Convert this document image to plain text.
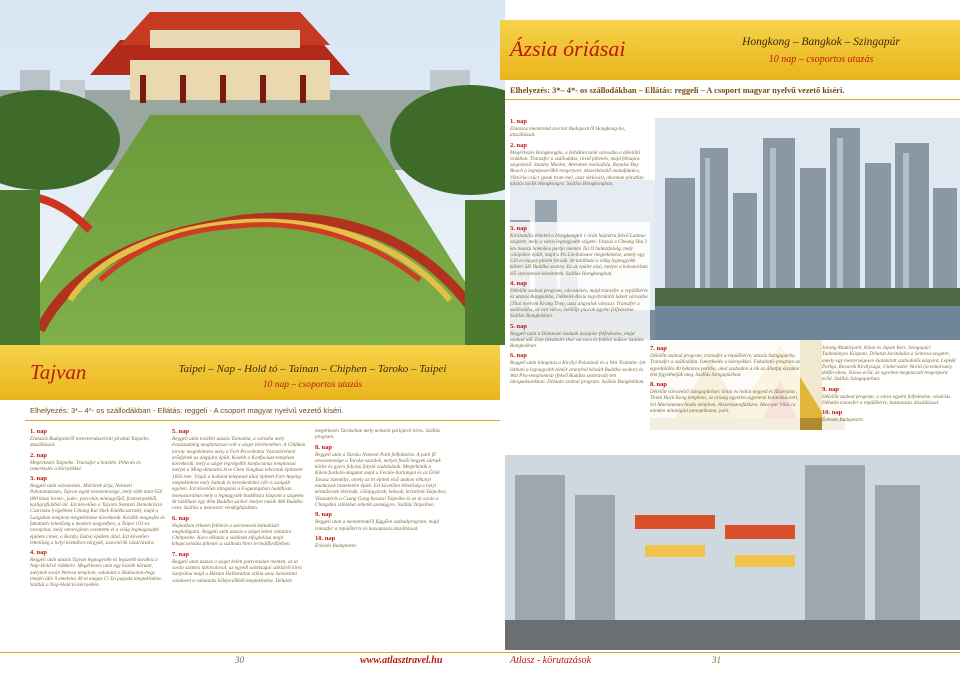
Ázsia óriásai	Hongkong – Bangkok – Szingapúr
10 nap – csoportos utazás
Elhelyezés: 3*– 4*- os szállodákban – Ellátás: reggeli – A csoport magyar nyelvű vezető kíséri.
Tajvan	Taipei – Nap - Hold tó – Tainan – Chiphen – Taroko – Taipei
10 nap – csoportos utazás
Elhelyezés: 3*– 4*- os szállodákban - Ellátás: reggeli - A csoport magyar nyelvű vezető kíséri.
1. nap
Elutazás menetrend szerinti Budapestről Hongkong-ba, átszállással.
2. nap
Megérkezés Hongkongba, a felhőkarcolók városába a délelőtti órákban. Transzfer a szállodába, rövid pihenés, majd félnapos szigetnéző. Stanley Market, Aberdeen halászfalu, Repulse Bay Beach a legnépszerűbb tengerpart, ékszerkészítő manufaktúra, Viktória-csúcs (peak tram-mel, azaz siklóval), ahonnan páratlan kilátás nyílik Hongkongra. Szállás Hongkongban.
3. nap
Kirándulás érkeléd a Hongkongtól 1 órán hajóútra fekvő Lantau-szigetre, mely a város legnagyobb szigete. Utazás a Cheung Sha 2 km hosszú homokos partja mentén Tai O halászfaluig, mely cölöpökre épült, majd a Po Lin-kolostor megtekintése, amely egy 520 m magas platón fekszik. Itt található a világ legnagyobb kültéri ülő Buddha szobra. Ez az épület alsó, melyet a kolostorban élő szerzetesek készítettek. Szállás Hongkongban.
4. nap
Délelőtt szabad program, városnézés, majd transzfer a repülőtérre és utazás Bangkokba, Délkelet-Ázsia legvibrálóbb lakott városába. (Thai nyelven Krung Thep, azaz angyalok városa). Transzfer a szállodába, az esti város, ízelítője piacok egyéni felfedezése. Szállás Bangkokban.
5. nap
Reggeli után a Damnoen Saduak úszópiac felfedezése, majd szabad idő. Este fakultatív thai vacsora és folklór műsor. Szállás Bangkokban.
6. nap
Reggeli után látogatás a Királyi Palotánál és a Wat Traimitn- (itt látható a legnagyobb tömör aranyból készült Buddha szobor) és Wat Pho-templomnál (fekvő Buddha szobrával) tett látogatásunkban. Délután szabad program. Szállás Bangkokban.
7. nap
Délelőtt szabad program, transzfer a repülőtérre, utazás Szingapúrba. Transzfer a szállodába. Ismerkedés a környékkel. Fakultatív program az egyedülálló 40 hektáros parkba, ahol szabadon ú zik az állatfaj éjszakai élet figyelhetjük meg. Szállás Szingapúrban.
8. nap
Délelőtt városnéző Szingapúrban: kínai és indiai negyed és fűszerpiac, Thian Hock Keng templom, az ország egyetlen egyetemi botanikus kert, Sri Mariamman hindu templom, ékszermanufaktúra. Haw par Villa ca minden mitológiai panoptikuma, park.
Jurong Madárpark, Kínai és Japán Kert, Szingapúri Tudományos Központ. Délután kirándulás a Sentosa-szigetre, amely egy mesterségesen kialakított szabadidős központ. Lepkék Parkja, Rovarok Királysága, Underwater World (óceánárium), delfin-show, Siloso-erőd, az egyetlen megmaradt tengerparti erőd. Szállás Szingapúrban.
9. nap
Délelőtt szabad program, a város egyéni felfedezése, vásárlás. Délután transzfer a repülőtérre, hazautazás átszállással.
10. nap
Érkezés Budapestre.
1. nap
Elutazás Budapestről menetrendszerinti járattal Taipeibe, átszállással.
2. nap
Megérkezés Taipeibe. Transzfer a hotelbe. Pihenés és ismerkedés a környékkel.
3. nap
Reggeli után városnézés: Mártírok sírja, Nemzeti Palotamúzeum, Tajvan egyik nevezetessége, mely több mint 650 000 kínai bronz-, jade-, porcelán mintagyűjtő, festményekből, kalligráfiákból áll. Ezt követően a Tajvani Nemzeti Demokrácia Csarnoka (régebben Chiang Kai Shek Emlékcsarnok), majd a Lungshan templom megtekintése következik. Később magasfes és fakultatív lehetőség a modern negyedben, a Taipei 101-es toronyhoz, mely nemrégiben vezettette el a világ legmagasabb épülete címet, a Bardzy Dubai épülete által. Ezt követően lehetőség a helyi kézműves tárgyak, szuvenírök vásárlására.
4. nap
Reggeli után utazás Tajvan legnagyobb és legszebb tavához a Nap-Hold tó vidékére. Megérkezés után egy kisebb körutat, melynek során Wenwu templom, valamint a Shaboalan-hegy tetején álló 9 emeletes 46 m magas Ci En pagoda megtekintése. Szállás a Nap-Hold tó környékén.
5. nap
Reggeli után további utazás Tainanba, a városba mely évszázadokig meghatározó volt a sziget történetében. A Chihkan torony megtekintése mely a Fort Providentia Várostörténeti erődjének az alapjára épült. Kisebb a Konfuciusz-templom következik, mely a sziget legrégebbi konfuciánus templomai melyet a Ming-dinasztia híve Chen Yonghua lebornak építtetett 1665-ben. Végül a holland telepesek által építtett Fort Anping megtekintése mely hatnak és kereskedelmi célt is szolgált egyben. Ezt követően látogatás a Foguangshan buddhista monostorában mely a legnagyobb buddhista központ a szigeten. Itt található egy 40m Buddha szobor melyet másik 480 Buddha ovez. Szállás a monostor vendégházában.
6. nap
Hajnalban érkezés felbérle a szerzetesek kántálását meghallgatni. Reggeli után utazás a sziget keleti oldalára Chihpenbe. Kora délután a szálloda elfoglalása majd kikapcsolódás pihenés a szálloda híres termálfürdőjében.
7. nap
Reggeli után utazás a sziget keleti partvonalán mentén, az út során számos látnivalóval, az egyedi adottságai szikláról híres Sanyeilou majd a Hárum Halbatatlan szikla azaz Sansientai valament a valamints kőlépcsőkből megtekintése. Délután
megérkezés Tarokoban mely nemzeti parkjáról híres. Szállás program.
8. nap
Reggeli után a Taroko Nemzeti Park felfedezése. A park fő nevezetessége a Taroko-szurdok, melyet festői hegyek zárnak körbe és gyors folyású folyók szabdalnak. Megtekintik a Kilencforduló-alagutat majd a Fecske-barlangot és az Örök Tavasz Szentélyt, amely az itt épített első utakon elhunyt munkások tiszteletére épült. Ezt követően lehetőség a helyi kézművesek (kermák, cölöpgyárak, kokouk, kristárok-Taipeibe). Visszatérés a Csung Gong busszal Taipeibe és az út során a Chingshui sziklákat vehetik szemügyre. Szállás Taipeiben.
9. nap
Reggeli után a menetrendről függően szabadprogram, majd transzfer a repülőtérre és hazautazás átszállással.
10. nap
Érkezés Budapestre.
30	www.atlasztravel.hu	Atlasz - körutazások	31
